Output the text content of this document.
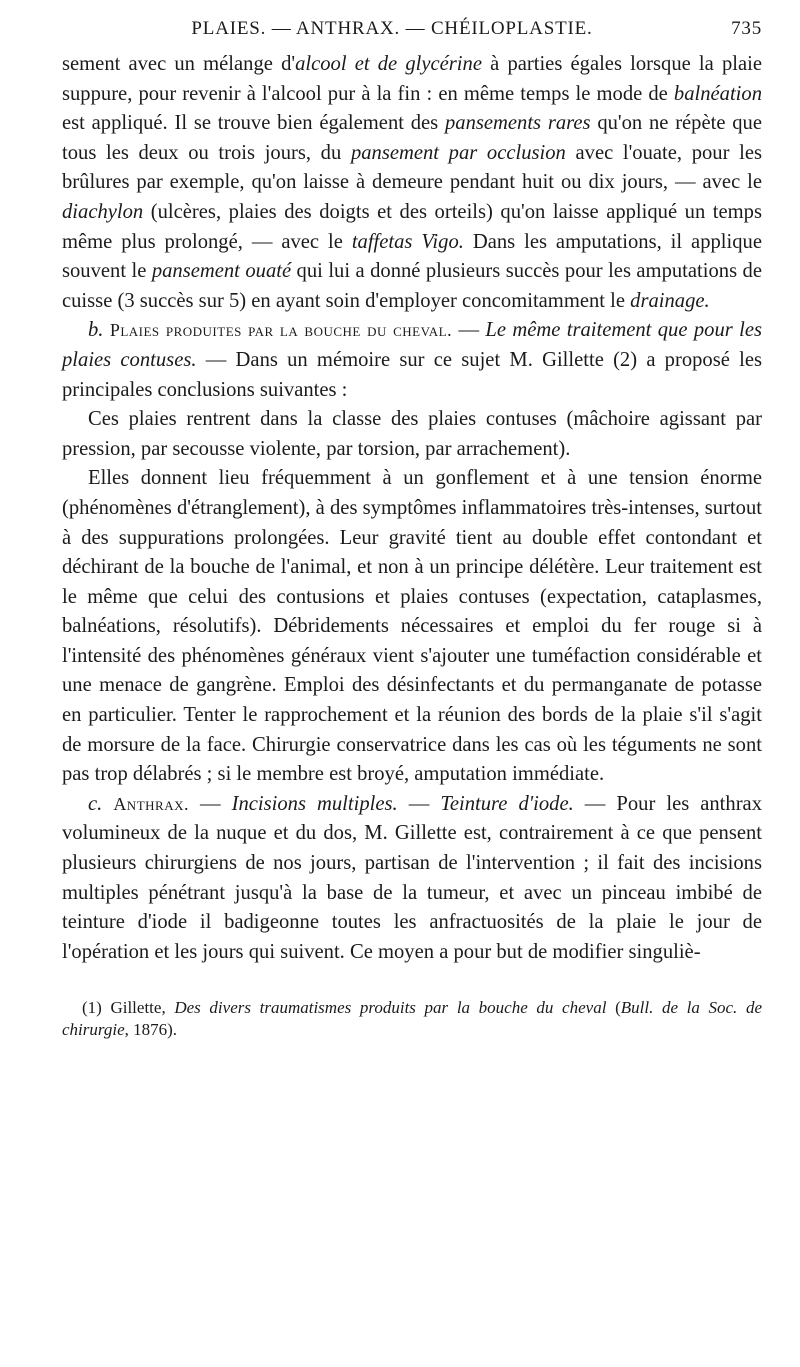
PLAIES. — ANTHRAX. — CHÉILOPLASTIE.	735

sement avec un mélange d'alcool et de glycérine à parties égales lorsque la plaie suppure, pour revenir à l'alcool pur à la fin : en même temps le mode de balnéation est appliqué. Il se trouve bien également des pansements rares qu'on ne répète que tous les deux ou trois jours, du pansement par occlusion avec l'ouate, pour les brûlures par exemple, qu'on laisse à demeure pendant huit ou dix jours, — avec le diachylon (ulcères, plaies des doigts et des orteils) qu'on laisse appliqué un temps même plus prolongé, — avec le taffetas Vigo. Dans les amputations, il applique souvent le pansement ouaté qui lui a donné plusieurs succès pour les amputations de cuisse (3 succès sur 5) en ayant soin d'employer concomitamment le drainage.

b. Plaies produites par la bouche du cheval. — Le même traitement que pour les plaies contuses. — Dans un mémoire sur ce sujet M. Gillette (2) a proposé les principales conclusions suivantes :

Ces plaies rentrent dans la classe des plaies contuses (mâchoire agissant par pression, par secousse violente, par torsion, par arrachement).

Elles donnent lieu fréquemment à un gonflement et à une tension énorme (phénomènes d'étranglement), à des symptômes inflammatoires très-intenses, surtout à des suppurations prolongées. Leur gravité tient au double effet contondant et déchirant de la bouche de l'animal, et non à un principe délétère. Leur traitement est le même que celui des contusions et plaies contuses (expectation, cataplasmes, balnéations, résolutifs). Débridements nécessaires et emploi du fer rouge si à l'intensité des phénomènes généraux vient s'ajouter une tuméfaction considérable et une menace de gangrène. Emploi des désinfectants et du permanganate de potasse en particulier. Tenter le rapprochement et la réunion des bords de la plaie s'il s'agit de morsure de la face. Chirurgie conservatrice dans les cas où les téguments ne sont pas trop délabrés ; si le membre est broyé, amputation immédiate.

c. Anthrax. — Incisions multiples. — Teinture d'iode. — Pour les anthrax volumineux de la nuque et du dos, M. Gillette est, contrairement à ce que pensent plusieurs chirurgiens de nos jours, partisan de l'intervention ; il fait des incisions multiples pénétrant jusqu'à la base de la tumeur, et avec un pinceau imbibé de teinture d'iode il badigeonne toutes les anfractuosités de la plaie le jour de l'opération et les jours qui suivent. Ce moyen a pour but de modifier singuliè-

(1) Gillette, Des divers traumatismes produits par la bouche du cheval (Bull. de la Soc. de chirurgie, 1876).
